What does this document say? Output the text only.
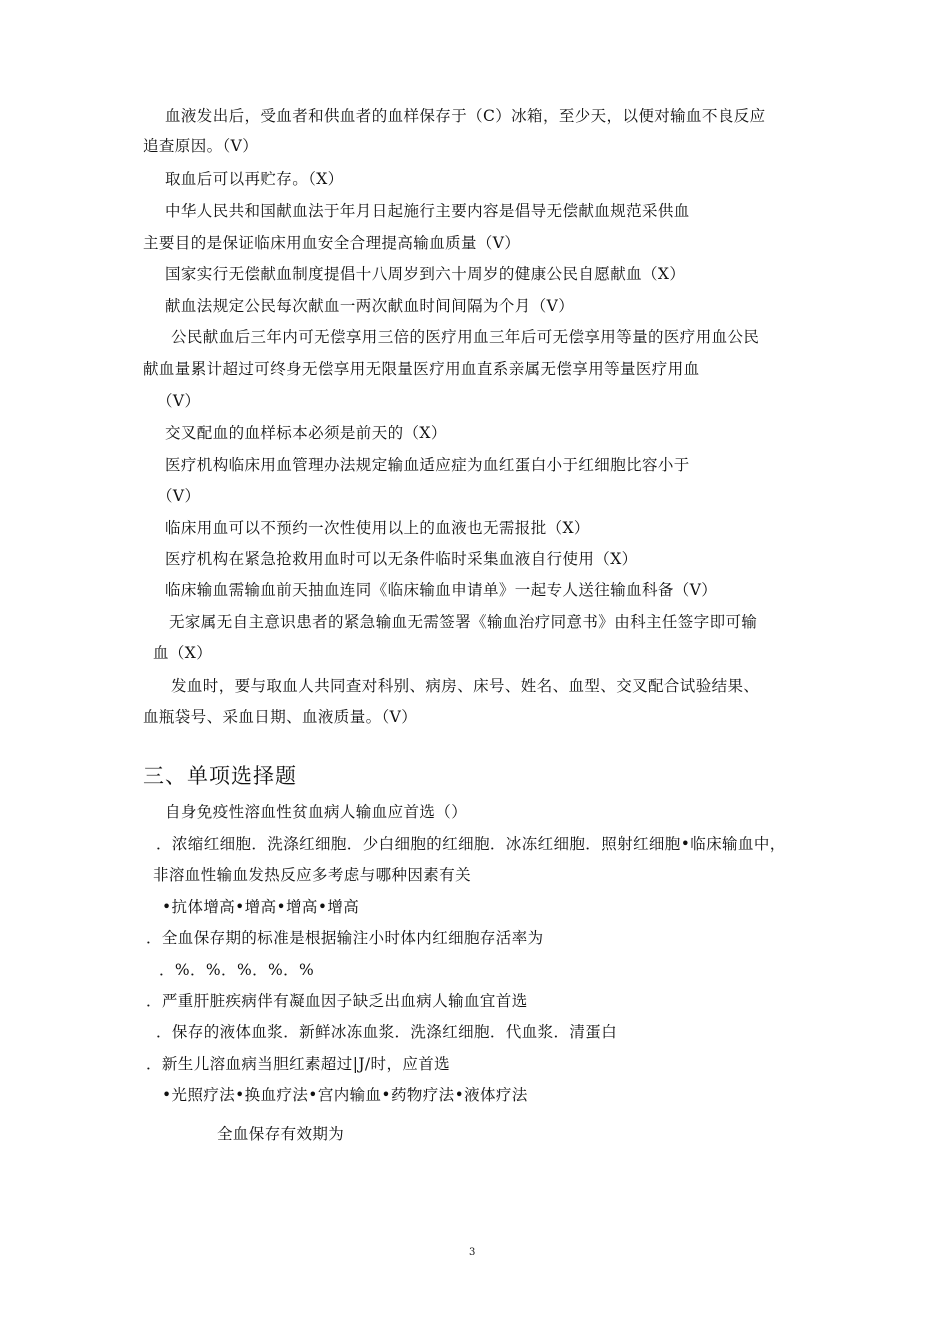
血液发出后，受血者和供血者的血样保存于（C）冰箱，至少天，以便对输血不良反应
追查原因。（V）
取血后可以再贮存。（X）
中华人民共和国献血法于年月日起施行主要内容是倡导无偿献血规范采供血
主要目的是保证临床用血安全合理提高输血质量（V）
国家实行无偿献血制度提倡十八周岁到六十周岁的健康公民自愿献血（X）
献血法规定公民每次献血一两次献血时间间隔为个月（V）
公民献血后三年内可无偿享用三倍的医疗用血三年后可无偿享用等量的医疗用血公民
献血量累计超过可终身无偿享用无限量医疗用血直系亲属无偿享用等量医疗用血
（V）
交叉配血的血样标本必须是前天的（X）
医疗机构临床用血管理办法规定输血适应症为血红蛋白小于红细胞比容小于
（V）
临床用血可以不预约一次性使用以上的血液也无需报批（X）
医疗机构在紧急抢救用血时可以无条件临时采集血液自行使用（X）
临床输血需输血前天抽血连同《临床输血申请单》一起专人送往输血科备（V）
无家属无自主意识患者的紧急输血无需签署《输血治疗同意书》由科主任签字即可输
血（X）
发血时，要与取血人共同查对科别、病房、床号、姓名、血型、交叉配合试验结果、
血瓶袋号、采血日期、血液质量。（V）
三、单项选择题
自身免疫性溶血性贫血病人输血应首选（）
．浓缩红细胞．洗涤红细胞．少白细胞的红细胞．冰冻红细胞．照射红细胞•临床输血中，
非溶血性输血发热反应多考虑与哪种因素有关
•抗体增高•增高•增高•增高
．全血保存期的标准是根据输注小时体内红细胞存活率为
．%．%．%．%．%
．严重肝脏疾病伴有凝血因子缺乏出血病人输血宜首选
．保存的液体血浆．新鲜冰冻血浆．洗涤红细胞．代血浆．清蛋白
．新生儿溶血病当胆红素超过|J/时，应首选
•光照疗法•换血疗法•宫内输血•药物疗法•液体疗法
全血保存有效期为
3
